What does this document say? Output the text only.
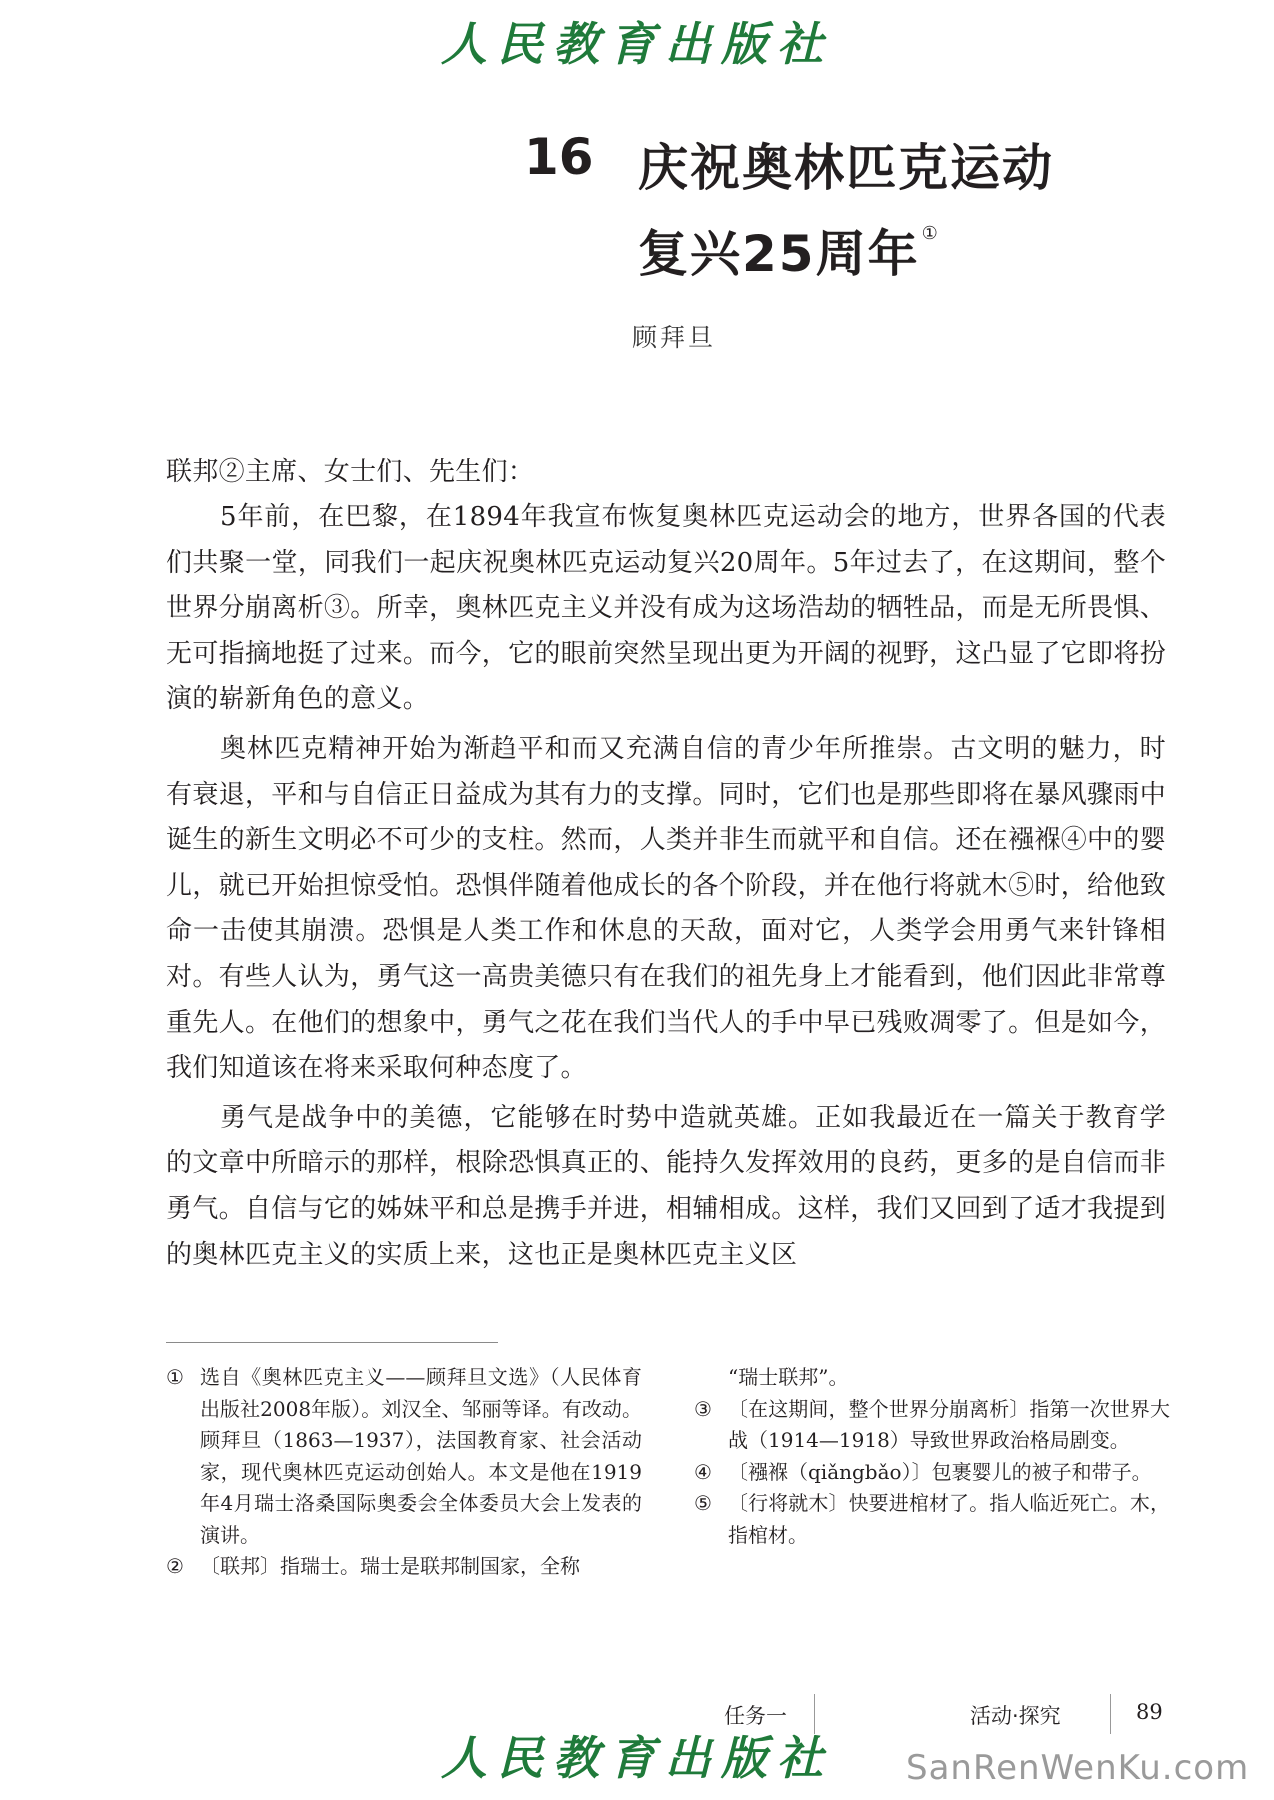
人民教育出版社
16 庆祝奥林匹克运动
复兴25周年 ①
顾拜旦
联邦②主席、女士们、先生们：

5年前，在巴黎，在1894年我宣布恢复奥林匹克运动会的地方，世界各国的代表们共聚一堂，同我们一起庆祝奥林匹克运动复兴20周年。5年过去了，在这期间，整个世界分崩离析③。所幸，奥林匹克主义并没有成为这场浩劫的牺牲品，而是无所畏惧、无可指摘地挺了过来。而今，它的眼前突然呈现出更为开阔的视野，这凸显了它即将扮演的崭新角色的意义。

奥林匹克精神开始为渐趋平和而又充满自信的青少年所推崇。古文明的魅力，时有衰退，平和与自信正日益成为其有力的支撑。同时，它们也是那些即将在暴风骤雨中诞生的新生文明必不可少的支柱。然而，人类并非生而就平和自信。还在襁褓④中的婴儿，就已开始担惊受怕。恐惧伴随着他成长的各个阶段，并在他行将就木⑤时，给他致命一击使其崩溃。恐惧是人类工作和休息的天敌，面对它，人类学会用勇气来针锋相对。有些人认为，勇气这一高贵美德只有在我们的祖先身上才能看到，他们因此非常尊重先人。在他们的想象中，勇气之花在我们当代人的手中早已残败凋零了。但是如今，我们知道该在将来采取何种态度了。

勇气是战争中的美德，它能够在时势中造就英雄。正如我最近在一篇关于教育学的文章中所暗示的那样，根除恐惧真正的、能持久发挥效用的良药，更多的是自信而非勇气。自信与它的姊妹平和总是携手并进，相辅相成。这样，我们又回到了适才我提到的奥林匹克主义的实质上来，这也正是奥林匹克主义区

① 选自《奥林匹克主义——顾拜旦文选》（人民体育出版社2008年版）。刘汉全、邹丽等译。有改动。顾拜旦（1863—1937），法国教育家、社会活动家，现代奥林匹克运动创始人。本文是他在1919年4月瑞士洛桑国际奥委会全体委员大会上发表的演讲。
② 〔联邦〕指瑞士。瑞士是联邦制国家，全称
“瑞士联邦”。
③ 〔在这期间，整个世界分崩离析〕指第一次世界大战（1914—1918）导致世界政治格局剧变。
④ 〔襁褓（qiǎngbǎo）〕包裹婴儿的被子和带子。
⑤ 〔行将就木〕快要进棺材了。指人临近死亡。木，指棺材。
任务一	活动·探究	89
人民教育出版社	SanRenWenKu.com
